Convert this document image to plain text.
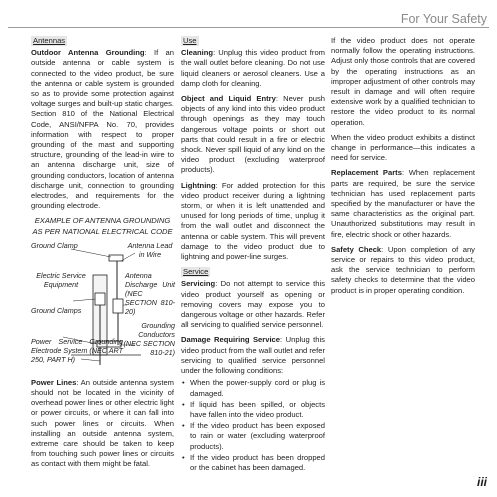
For Your Safety
Antennas

Outdoor Antenna Grounding: If an outside antenna or cable system is connected to the video product, be sure the antenna or cable system is grounded so as to provide some protection against voltage surges and built-up static charges. Section 810 of the National Electrical Code, ANSI/NFPA No. 70, provides information with respect to proper grounding of the mast and supporting structure, grounding of the lead-in wire to an antenna discharge unit, size of grounding conductors, location of antenna discharge unit, connection to grounding electrodes, and requirements for the grounding electrode.

EXAMPLE OF ANTENNA GROUNDING AS PER NATIONAL ELECTRICAL CODE
Ground Clamp	Antenna Lead in Wire
Electric Service Equipment
Antenna Discharge Unit (NEC SECTION 810-20)
Ground Clamps
Grounding Conductors (NEC SECTION 810-21)
Power Service Grounding Electrode System (NEC ART 250, PART H)

Power Lines: An outside antenna system should not be located in the vicinity of overhead power lines or other electric light or power circuits, or where it can fall into such power lines or circuits. When installing an outside antenna system, extreme care should be taken to keep from touching such power lines or circuits as contact with them might be fatal.

Use

Cleaning: Unplug this video product from the wall outlet before cleaning. Do not use liquid cleaners or aerosol cleaners. Use a damp cloth for cleaning.

Object and Liquid Entry: Never push objects of any kind into this video product through openings as they may touch dangerous voltage points or short out parts that could result in a fire or electric shock. Never spill liquid of any kind on the video product (excluding waterproof products).

Lightning: For added protection for this video product receiver during a lightning storm, or when it is left unattended and unused for long periods of time, unplug it from the wall outlet and disconnect the antenna or cable system. This will prevent damage to the video product due to lightning and power-line surges.

Service

Servicing: Do not attempt to service this video product yourself as opening or removing covers may expose you to dangerous voltage or other hazards. Refer all servicing to qualified service personnel.

Damage Requiring Service: Unplug this video product from the wall outlet and refer servicing to qualified service personnel under the following conditions:

• When the power-supply cord or plug is damaged.
• If liquid has been spilled, or objects have fallen into the video product.
• If the video product has been exposed to rain or water (excluding waterproof products).
• If the video product has been dropped or the cabinet has been damaged.

If the video product does not operate normally follow the operating instructions. Adjust only those controls that are covered by the operating instructions as an improper adjustment of other controls may result in damage and will often require extensive work by a qualified technician to restore the video product to its normal operation.

When the video product exhibits a distinct change in performance—this indicates a need for service.

Replacement Parts: When replacement parts are required, be sure the service technician has used replacement parts specified by the manufacturer or have the same characteristics as the original part. Unauthorized substitutions may result in fire, electric shock or other hazards.

Safety Check: Upon completion of any service or repairs to this video product, ask the service technician to perform safety checks to determine that the video product is in proper operating condition.

iii
